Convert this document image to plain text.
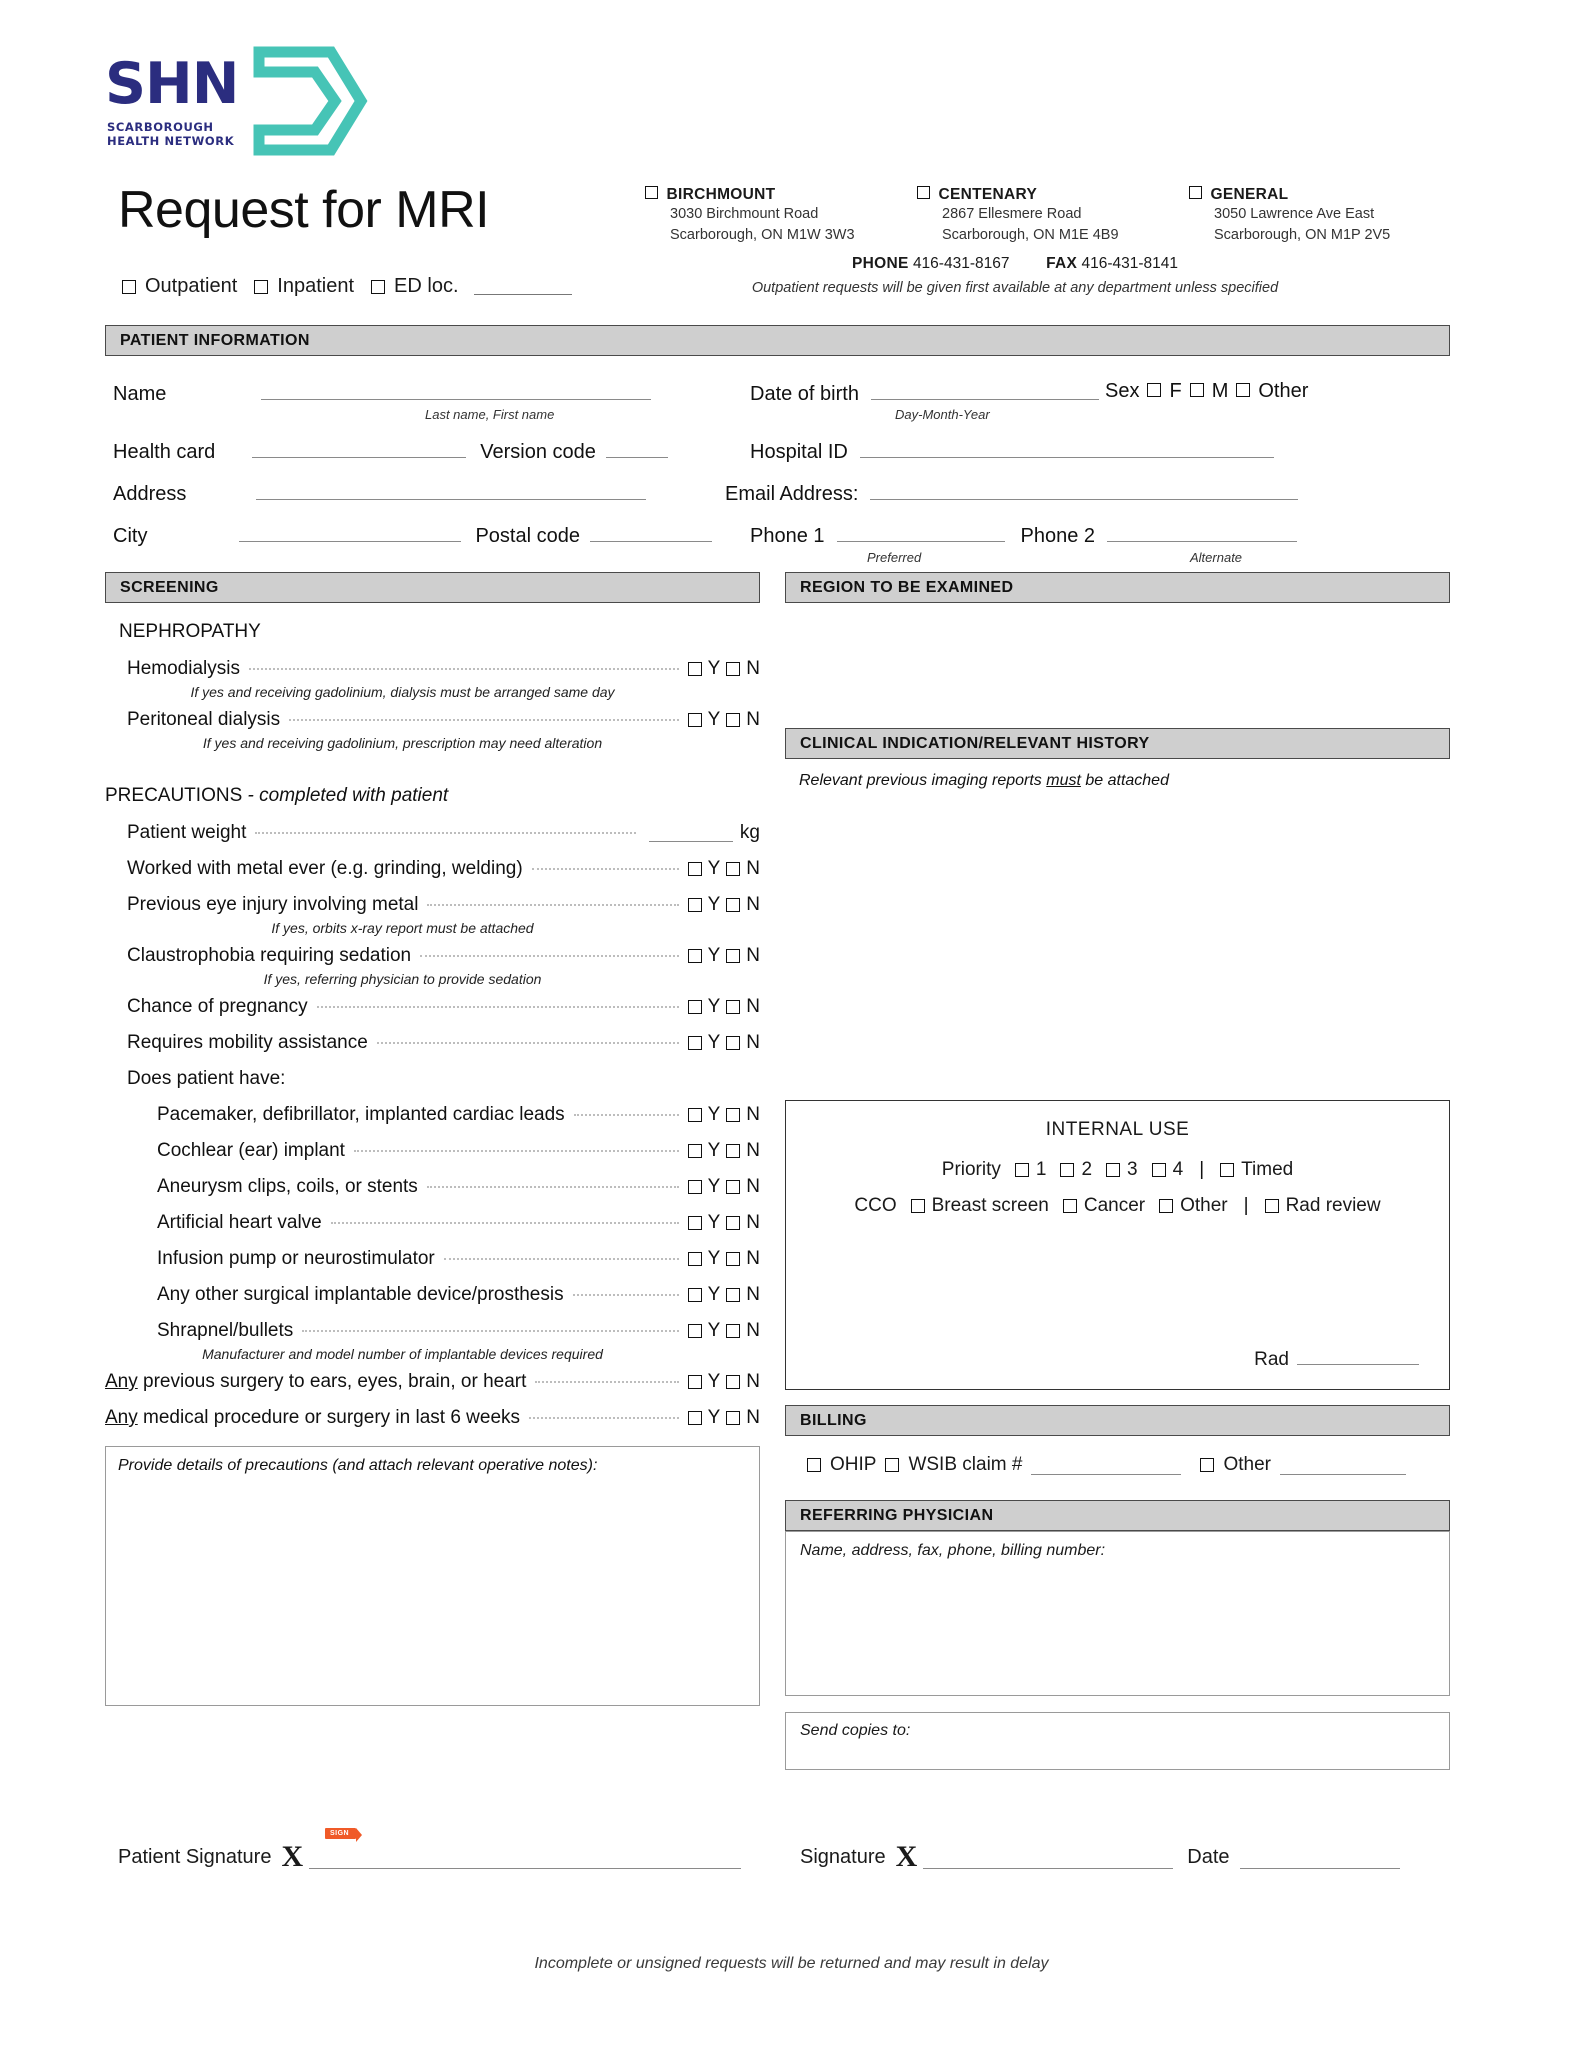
SHN
SCARBOROUGH
HEALTH NETWORK
Request for MRI	BIRCHMOUNT
3030 Birchmount Road
Scarborough, ON M1W 3W3
CENTENARY
2867 Ellesmere Road
Scarborough, ON M1E 4B9
GENERAL
3050 Lawrence Ave East
Scarborough, ON M1P 2V5
PHONE 416-431-8167 FAX 416-431-8141
Outpatient requests will be given first available at any department unless specified
Outpatient Inpatient ED loc.
PATIENT INFORMATION
Name
Last name, First name
Date of birth
Day-Month-Year
Sex F M Other
Health card	Version code	Hospital ID
Address	Email Address:
City	Postal code	Phone 1	Phone 2
Preferred	Alternate
SCREENING
NEPHROPATHY
Hemodialysis	Y N
If yes and receiving gadolinium, dialysis must be arranged same day
Peritoneal dialysis	Y N
If yes and receiving gadolinium, prescription may need alteration
PRECAUTIONS - completed with patient
Patient weight	kg
Worked with metal ever (e.g. grinding, welding)	Y N
Previous eye injury involving metal	Y N
If yes, orbits x-ray report must be attached
Claustrophobia requiring sedation	Y N
If yes, referring physician to provide sedation
Chance of pregnancy	Y N
Requires mobility assistance	Y N
Does patient have:
Pacemaker, defibrillator, implanted cardiac leads	Y N
Cochlear (ear) implant	Y N
Aneurysm clips, coils, or stents	Y N
Artificial heart valve	Y N
Infusion pump or neurostimulator	Y N
Any other surgical implantable device/prosthesis	Y N
Shrapnel/bullets	Y N
Manufacturer and model number of implantable devices required
Any previous surgery to ears, eyes, brain, or heart	Y N
Any medical procedure or surgery in last 6 weeks	Y N
Provide details of precautions (and attach relevant operative notes):
REGION TO BE EXAMINED
CLINICAL INDICATION/RELEVANT HISTORY
Relevant previous imaging reports must be attached
INTERNAL USE
Priority 1 2 3 4 | Timed
CCO Breast screen Cancer Other | Rad review
Rad
BILLING
OHIP WSIB claim #	Other
REFERRING PHYSICIAN
Name, address, fax, phone, billing number:
Send copies to:
Patient Signature X
SIGN
Signature X	Date
Incomplete or unsigned requests will be returned and may result in delay
